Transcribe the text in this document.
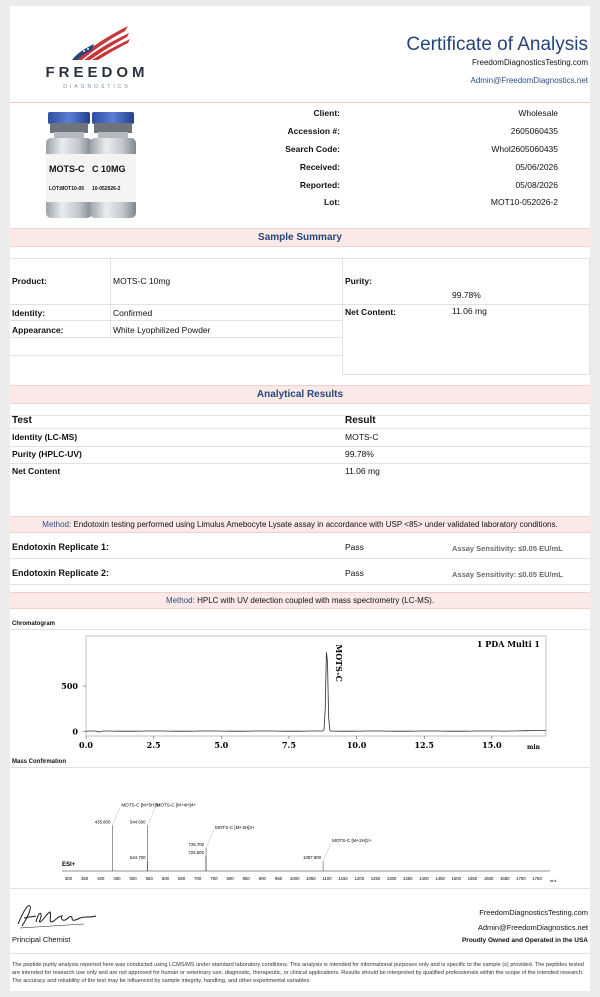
FREEDOM
DIAGNOSTICS
Certificate of Analysis
FreedomDiagnosticsTesting.com
Admin@FreedomDiagnostics.net
MOTS-C
LOT:MOT10-05
C 10MG
10-052026-2
Client:	Wholesale
Accession #:	2605060435
Search Code:	Whol2605060435
Received:	05/06/2026
Reported:	05/08/2026
Lot:	MOT10-052026-2
Sample Summary
Product:	MOTS-C 10mg
Identity:	Confirmed
Appearance:	White Lyophilized Powder
Purity:
99.78%
Net Content:	11.06 mg
Analytical Results
Test	Result
Identity (LC-MS)	MOTS-C
Purity (HPLC-UV)	99.78%
Net Content	11.06 mg
Method: Endotoxin testing performed using Limulus Amebocyte Lysate assay in accordance with USP <85> under validated laboratory conditions.
Endotoxin Replicate 1:	Pass	Assay Sensitivity: ≤0.05 EU/mL
Endotoxin Replicate 2:	Pass	Assay Sensitivity: ≤0.05 EU/mL
Method: HPLC with UV detection coupled with mass spectrometry (LC-MS).
Chromatogram
1 PDA Multi 1
0
500
0.0	2.5	5.0	7.5	10.0	12.5	15.0
MOTS-C
min
Mass Confirmation
ESI+
300 350 400 450 500 550 600 650 700 750 800 850 900 950 1000 1050 1100 1150 1200 1250 1300 1350 1400 1450 1500 1550 1600 1650 1700 1750
435.800
MOTS-C [M+5H]5+
544.600
MOTS-C [M+4H]4+
544.700
725.700
MOTS-C [M+3H]3+
725.500
1087.800
MOTS-C [M+2H]2+
m/z
Principal Chemist
FreedomDiagnosticsTesting.com
Admin@FreedomDiagnostics.net
Proudly Owned and Operated in the USA
The peptide purity analysis reported here was conducted using LCMS/MS under standard laboratory conditions. This analysis is intended for informational purposes only and is specific to the sample (s) provided. The peptides tested are intended for research use only and are not approved for human or veterinary use, diagnostic, therapeutic, or clinical applications. Results should be interpreted by qualified professionals within the scope of the intended research. The accuracy and reliability of the test may be influenced by sample integrity, handling, and other experimental variables.
